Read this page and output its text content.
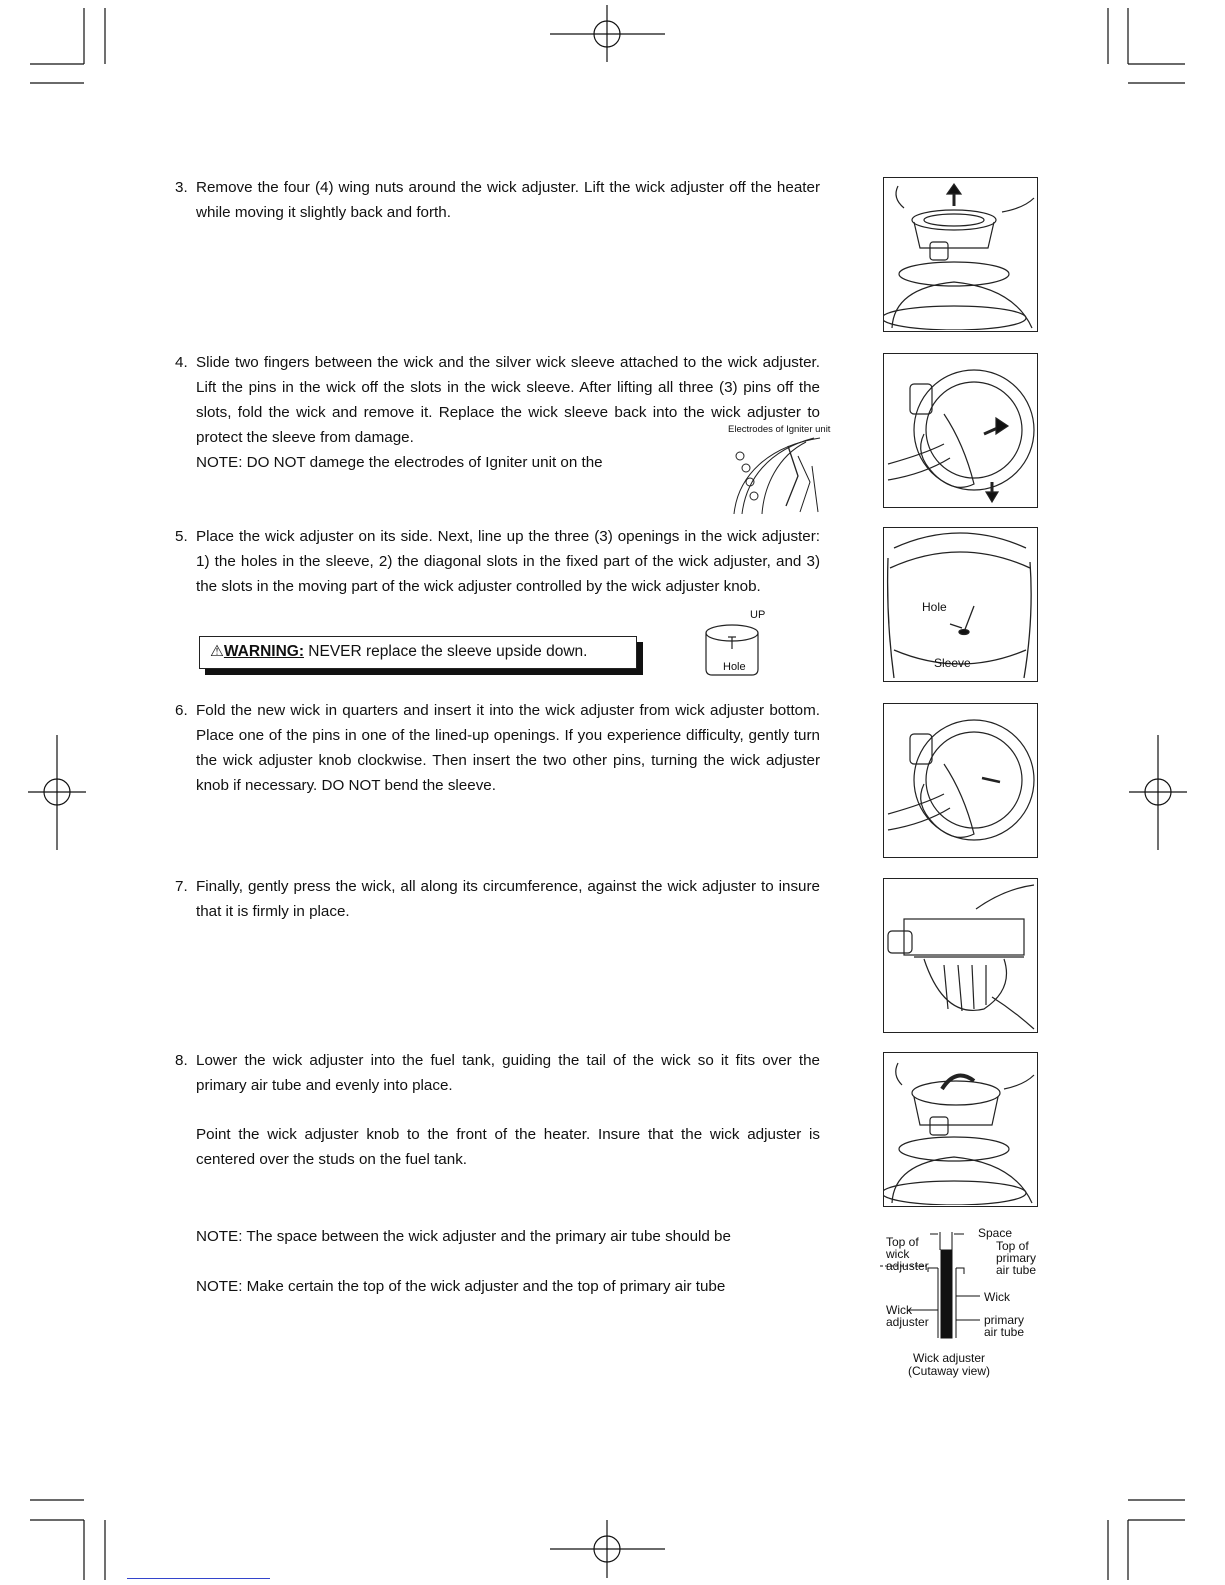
3. Remove the four (4) wing nuts around the wick adjuster. Lift the wick adjuster off the heater while moving it slightly back and forth.

4. Slide two fingers between the wick and the silver wick sleeve attached to the wick adjuster. Lift the pins in the wick off the slots in the wick sleeve. After lifting all three (3) pins off the slots, fold the wick and remove it. Replace the wick sleeve back into the wick adjuster to protect the sleeve from damage.

NOTE: DO NOT damege the electrodes of Igniter unit on the

Electrodes of Igniter unit
5. Place the wick adjuster on its side. Next, line up the three (3) openings in the wick adjuster: 1) the holes in the sleeve, 2) the diagonal slots in the fixed part of the wick adjuster, and 3) the slots in the moving part of the wick adjuster controlled by the wick adjuster knob.

⚠WARNING: NEVER replace the sleeve upside down.
UP
Hole
6. Fold the new wick in quarters and insert it into the wick adjuster from wick adjuster bottom. Place one of the pins in one of the lined-up openings. If you experience difficulty, gently turn the wick adjuster knob clockwise. Then insert the two other pins, turning the wick adjuster knob if necessary. DO NOT bend the sleeve.

7. Finally, gently press the wick, all along its circumference, against the wick adjuster to insure that it is firmly in place.

8. Lower the wick adjuster into the fuel tank, guiding the tail of the wick so it fits over the primary air tube and evenly into place.

Point the wick adjuster knob to the front of the heater. Insure that the wick adjuster is centered over the studs on the fuel tank.

NOTE: The space between the wick adjuster and the primary air tube should be
NOTE: Make certain the top of the wick adjuster and the top of primary air tube
Hole
Sleeve
Space
Top of
wick
adjuster
Top of
primary
air tube
Wick
Wick
adjuster	primary
air tube
Wick adjuster
(Cutaway view)
